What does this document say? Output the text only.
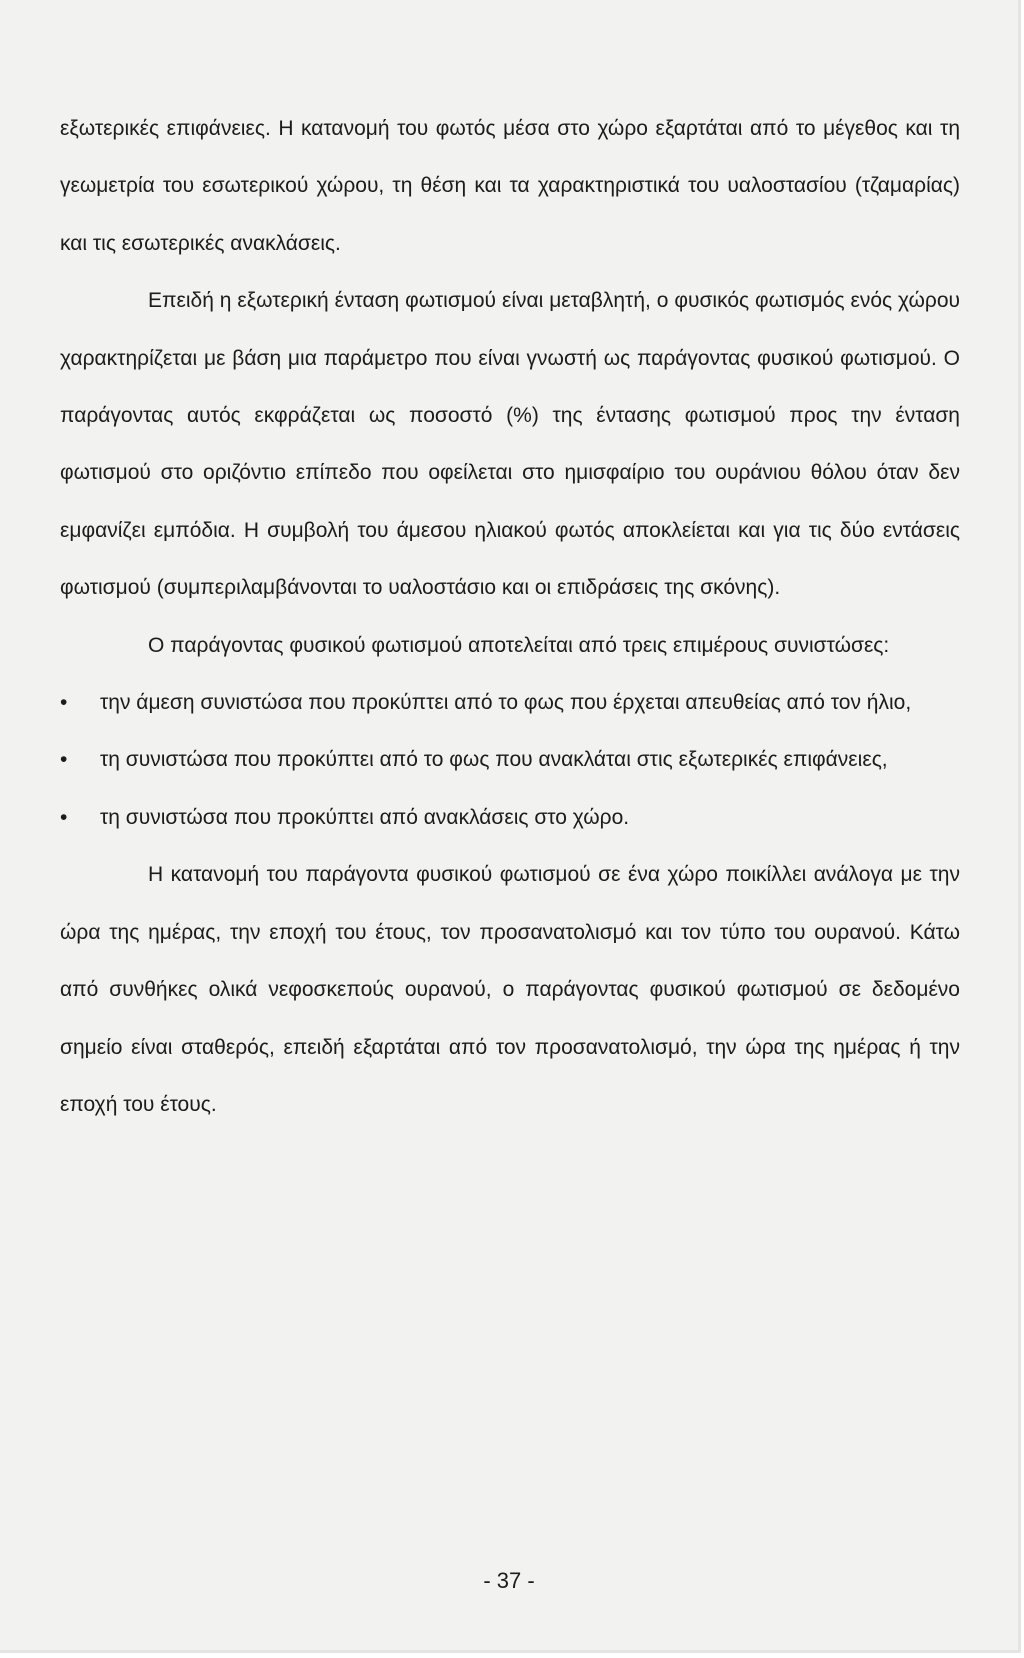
εξωτερικές επιφάνειες. Η κατανομή του φωτός μέσα στο χώρο εξαρτάται από το μέγεθος και τη γεωμετρία του εσωτερικού χώρου, τη θέση και τα χαρακτηριστικά του υαλοστασίου (τζαμαρίας) και τις εσωτερικές ανακλάσεις.

Επειδή η εξωτερική ένταση φωτισμού είναι μεταβλητή, ο φυσικός φωτισμός ενός χώρου χαρακτηρίζεται με βάση μια παράμετρο που είναι γνωστή ως παράγοντας φυσικού φωτισμού. Ο παράγοντας αυτός εκφράζεται ως ποσοστό (%) της έντασης φωτισμού προς την ένταση φωτισμού στο οριζόντιο επίπεδο που οφείλεται στο ημισφαίριο του ουράνιου θόλου όταν δεν εμφανίζει εμπόδια. Η συμβολή του άμεσου ηλιακού φωτός αποκλείεται και για τις δύο εντάσεις φωτισμού (συμπεριλαμβάνονται το υαλοστάσιο και οι επιδράσεις της σκόνης).

Ο παράγοντας φυσικού φωτισμού αποτελείται από τρεις επιμέρους συνιστώσες:

• την άμεση συνιστώσα που προκύπτει από το φως που έρχεται απευθείας από τον ήλιο,
• τη συνιστώσα που προκύπτει από το φως που ανακλάται στις εξωτερικές επιφάνειες,
• τη συνιστώσα που προκύπτει από ανακλάσεις στο χώρο.

Η κατανομή του παράγοντα φυσικού φωτισμού σε ένα χώρο ποικίλλει ανάλογα με την ώρα της ημέρας, την εποχή του έτους, τον προσανατολισμό και τον τύπο του ουρανού. Κάτω από συνθήκες ολικά νεφοσκεπούς ουρανού, ο παράγοντας φυσικού φωτισμού σε δεδομένο σημείο είναι σταθερός, επειδή εξαρτάται από τον προσανατολισμό, την ώρα της ημέρας ή την εποχή του έτους.

- 37 -
